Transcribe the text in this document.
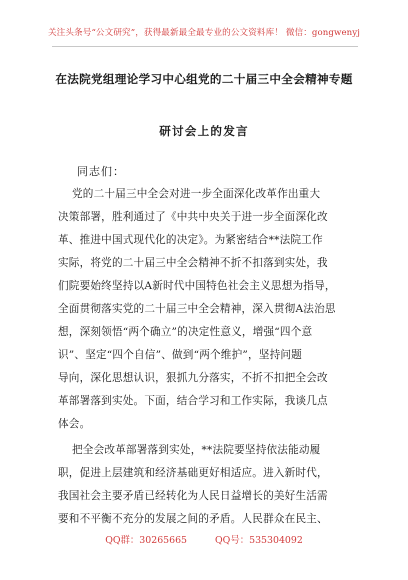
关注头条号“公文研究”，获得最新最全最专业的公文资料库！ 微信：gongwenyj
在法院党组理论学习中心组党的二十届三中全会精神专题
研讨会上的发言
同志们：
党的二十届三中全会对进一步全面深化改革作出重大
决策部署，胜利通过了《中共中央关于进一步全面深化改
革、推进中国式现代化的决定》。为紧密结合**法院工作
实际，将党的二十届三中全会精神不折不扣落到实处，我
们院要始终坚持以A新时代中国特色社会主义思想为指导，
全面贯彻落实党的二十届三中全会精神，深入贯彻A法治思
想，深刻领悟“两个确立”的决定性意义，增强“四个意
识”、坚定“四个自信”、做到“两个维护”，坚持问题
导向，深化思想认识，狠抓九分落实，不折不扣把全会改
革部署落到实处。下面，结合学习和工作实际，我谈几点
体会。
把全会改革部署落到实处，**法院要坚持依法能动履
职，促进上层建筑和经济基础更好相适应。进入新时代，
我国社会主要矛盾已经转化为人民日益增长的美好生活需
要和不平衡不充分的发展之间的矛盾。人民群众在民主、
QQ群：30265665	QQ号：535304092
